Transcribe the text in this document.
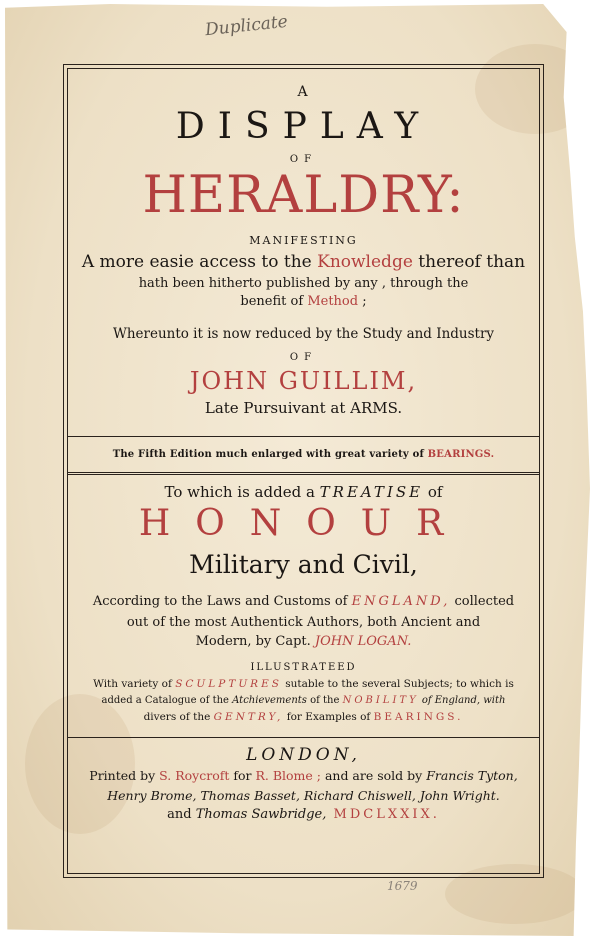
Duplicate
1679
A
DISPLAY
OF
HERALDRY:
MANIFESTING
A more easie access to the Knowledge thereof than
hath been hitherto published by any , through the
benefit of Method ;
Whereunto it is now reduced by the Study and Industry
OF
JOHN GUILLIM,
Late Pursuivant at ARMS.
The Fifth Edition much enlarged with great variety of BEARINGS.
To which is added a TREATISE of
HONOUR
Military and Civil,
According to the Laws and Customs of ENGLAND, collected
out of the most Authentick Authors, both Ancient and
Modern, by Capt. JOHN LOGAN.
ILLUSTRATEED
With variety of SCULPTURES sutable to the several Subjects; to which is
added a Catalogue of the Atchievements of the NOBILITY of England, with
divers of the GENTRY, for Examples of BEARINGS.
LONDON,
Printed by S. Roycroft for R. Blome ; and are sold by Francis Tyton,
Henry Brome, Thomas Basset, Richard Chiswell, John Wright.
and Thomas Sawbridge, MDCLXXIX.
